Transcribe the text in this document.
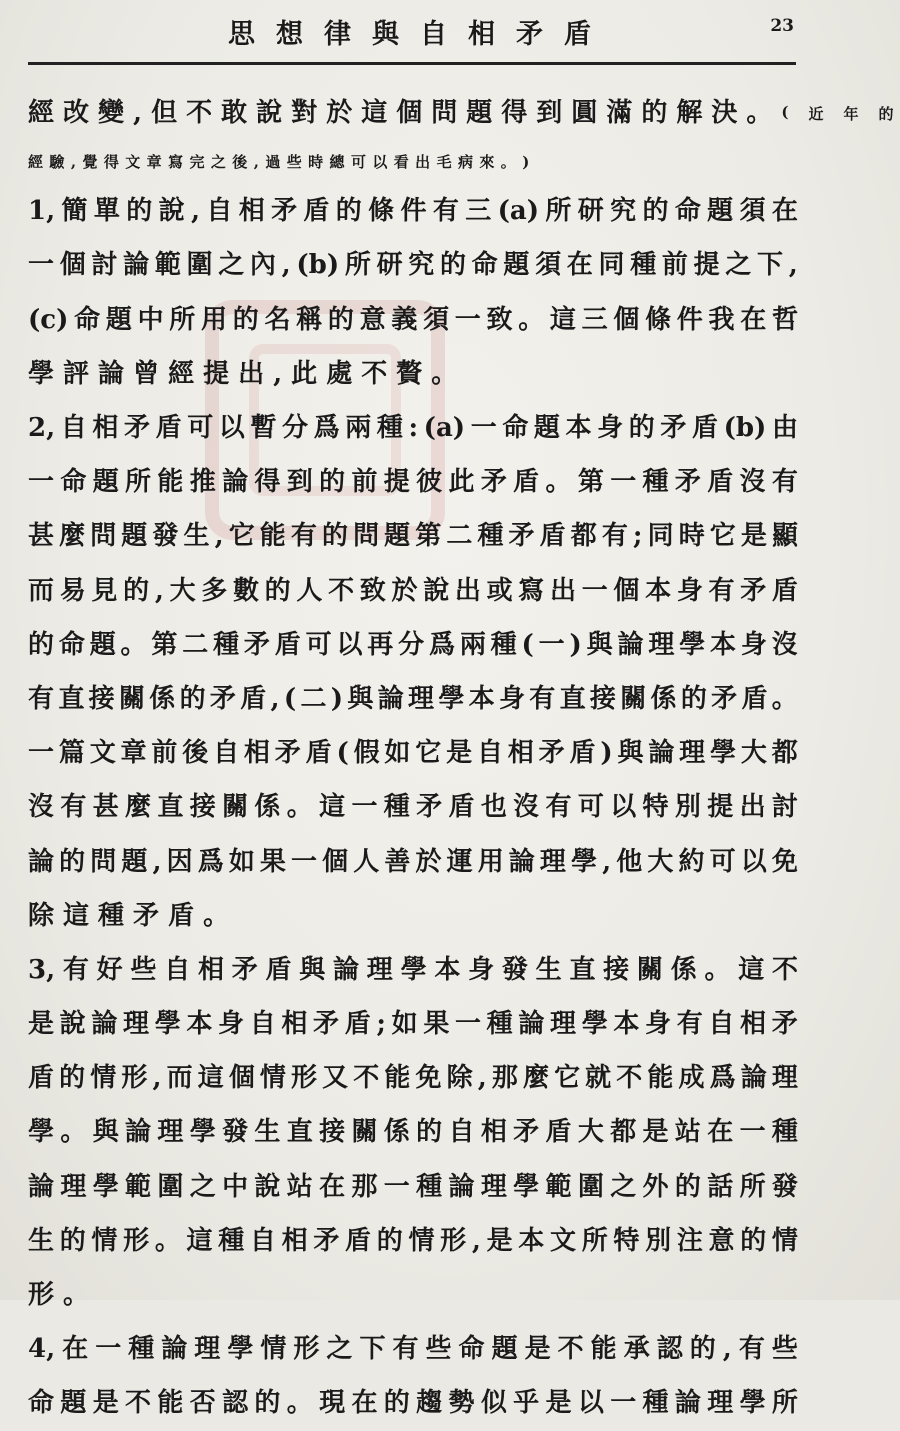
思想律與自相矛盾	23
經 改 變 , 但 不 敢 說 對 於 這 個 問 題 得 到 圓 滿 的 解 決 。 ( 近 年 的
經 驗 , 覺 得 文 章 寫 完 之 後 , 過 些 時 總 可 以 看 出 毛 病 來 。 )
1, 簡 單 的 說 , 自 相 矛 盾 的 條 件 有 三 (a) 所 研 究 的 命 題 須 在
一 個 討 論 範 圍 之 內 , (b) 所 研 究 的 命 題 須 在 同 種 前 提 之 下 ,
(c) 命 題 中 所 用 的 名 稱 的 意 義 須 一 致 。 這 三 個 條 件 我 在 哲
學 評 論 曾 經 提 出 , 此 處 不 贅 。
2, 自 相 矛 盾 可 以 暫 分 爲 兩 種 : (a) 一 命 題 本 身 的 矛 盾 (b) 由
一 命 題 所 能 推 論 得 到 的 前 提 彼 此 矛 盾 。 第 一 種 矛 盾 沒 有
甚 麼 問 題 發 生 , 它 能 有 的 問 題 第 二 種 矛 盾 都 有 ; 同 時 它 是 顯
而 易 見 的 , 大 多 數 的 人 不 致 於 說 出 或 寫 出 一 個 本 身 有 矛 盾
的 命 題 。 第 二 種 矛 盾 可 以 再 分 爲 兩 種 ( 一 ) 與 論 理 學 本 身 沒
有 直 接 關 係 的 矛 盾 , ( 二 ) 與 論 理 學 本 身 有 直 接 關 係 的 矛 盾 。
一 篇 文 章 前 後 自 相 矛 盾 ( 假 如 它 是 自 相 矛 盾 ) 與 論 理 學 大 都
沒 有 甚 麼 直 接 關 係 。 這 一 種 矛 盾 也 沒 有 可 以 特 別 提 出 討
論 的 問 題 , 因 爲 如 果 一 個 人 善 於 運 用 論 理 學 , 他 大 約 可 以 免
除 這 種 矛 盾 。
3, 有 好 些 自 相 矛 盾 與 論 理 學 本 身 發 生 直 接 關 係 。 這 不
是 說 論 理 學 本 身 自 相 矛 盾 ; 如 果 一 種 論 理 學 本 身 有 自 相 矛
盾 的 情 形 , 而 這 個 情 形 又 不 能 免 除 , 那 麼 它 就 不 能 成 爲 論 理
學 。 與 論 理 學 發 生 直 接 關 係 的 自 相 矛 盾 大 都 是 站 在 一 種
論 理 學 範 圍 之 中 說 站 在 那 一 種 論 理 學 範 圍 之 外 的 話 所 發
生 的 情 形 。 這 種 自 相 矛 盾 的 情 形 , 是 本 文 所 特 別 注 意 的 情
形 。
4, 在 一 種 論 理 學 情 形 之 下 有 些 命 題 是 不 能 承 認 的 , 有 些
命 題 是 不 能 否 認 的 。 現 在 的 趨 勢 似 乎 是 以 一 種 論 理 學 所
